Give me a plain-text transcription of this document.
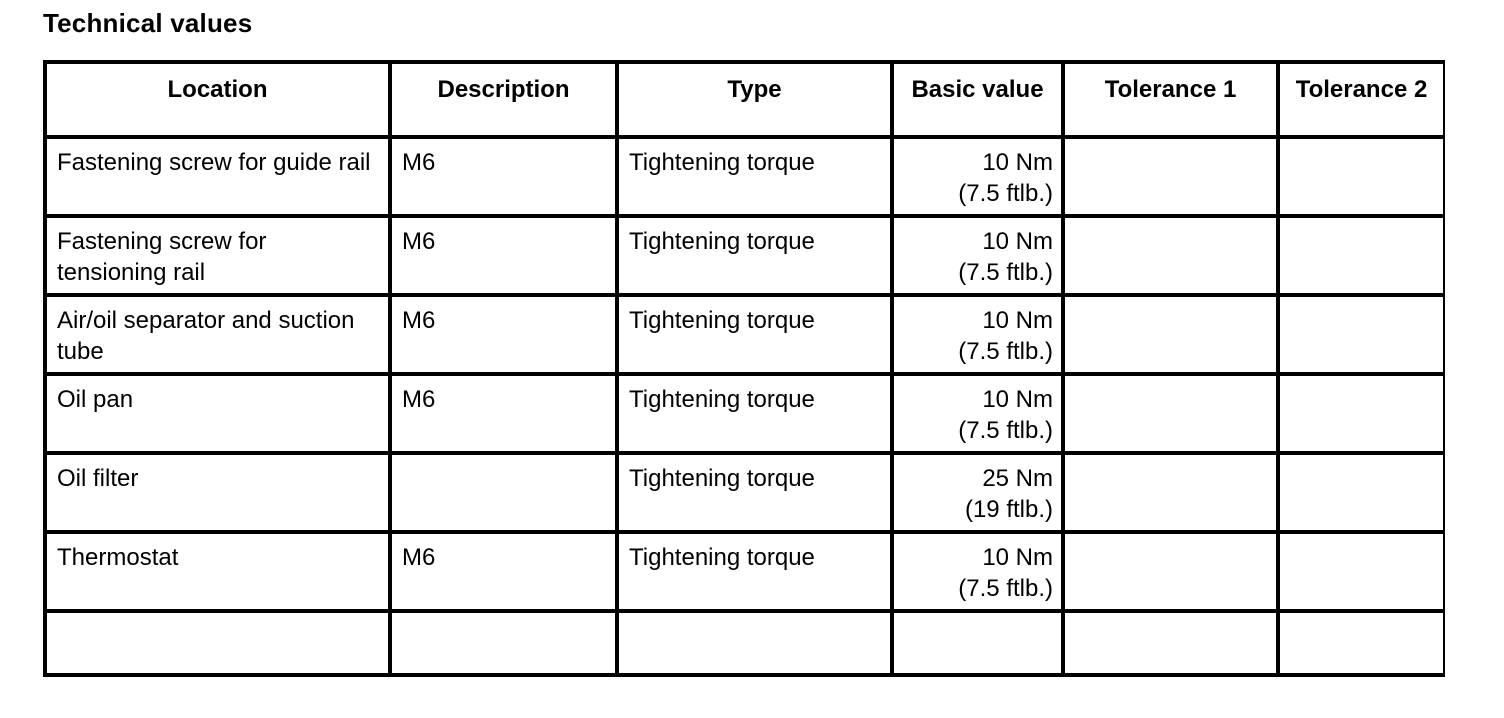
Technical values
Location	Description	Type	Basic value	Tolerance 1	Tolerance 2

Fastening screw for guide rail	M6	Tightening torque	10 Nm
(7.5 ftlb.)		

Fastening screw for tensioning rail	M6	Tightening torque	10 Nm
(7.5 ftlb.)		

Air/oil separator and suction tube	M6	Tightening torque	10 Nm
(7.5 ftlb.)		

Oil pan	M6	Tightening torque	10 Nm
(7.5 ftlb.)		

Oil filter		Tightening torque	25 Nm
(19 ftlb.)		

Thermostat	M6	Tightening torque	10 Nm
(7.5 ftlb.)		
